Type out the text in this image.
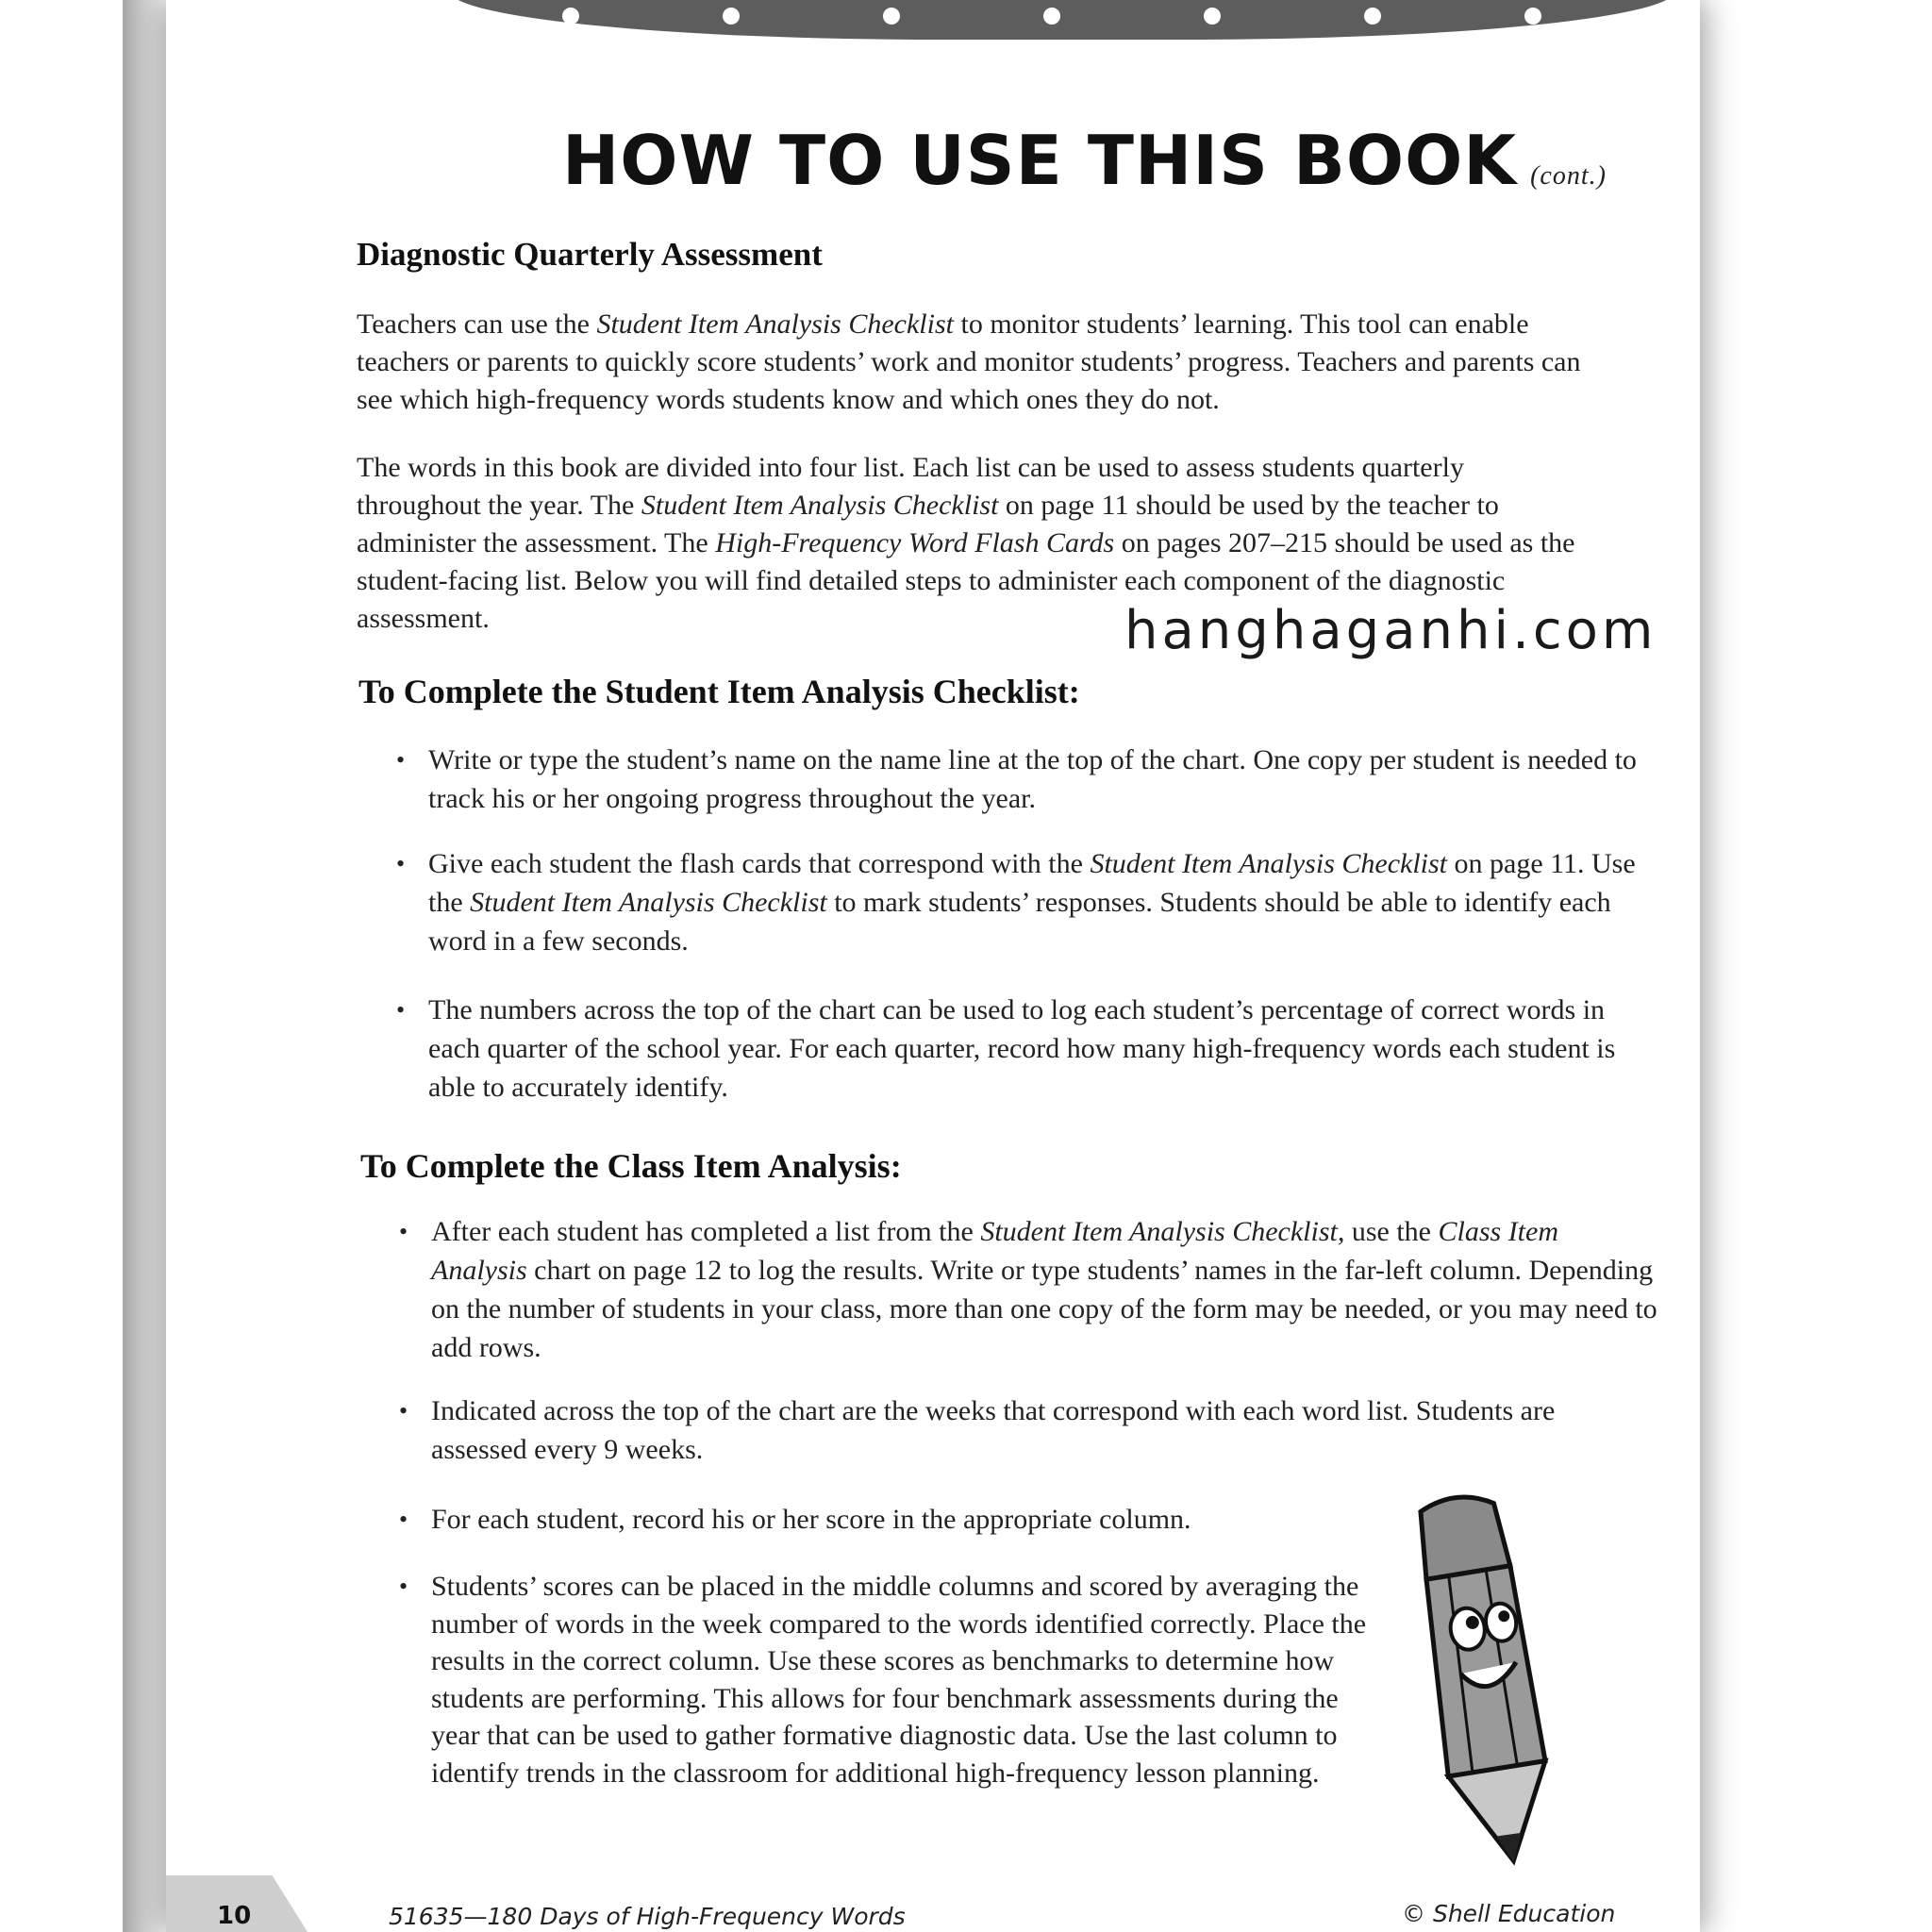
HOW TO USE THIS BOOK (cont.)
Diagnostic Quarterly Assessment

Teachers can use the Student Item Analysis Checklist to monitor students’ learning. This tool can enable teachers or parents to quickly score students’ work and monitor students’ progress. Teachers and parents can see which high-frequency words students know and which ones they do not.

The words in this book are divided into four list. Each list can be used to assess students quarterly throughout the year. The Student Item Analysis Checklist on page 11 should be used by the teacher to administer the assessment. The High-Frequency Word Flash Cards on pages 207–215 should be used as the student-facing list. Below you will find detailed steps to administer each component of the diagnostic assessment.

To Complete the Student Item Analysis Checklist:
• Write or type the student’s name on the name line at the top of the chart. One copy per student is needed to track his or her ongoing progress throughout the year.
• Give each student the flash cards that correspond with the Student Item Analysis Checklist on page 11. Use the Student Item Analysis Checklist to mark students’ responses. Students should be able to identify each word in a few seconds.
• The numbers across the top of the chart can be used to log each student’s percentage of correct words in each quarter of the school year. For each quarter, record how many high-frequency words each student is able to accurately identify.
To Complete the Class Item Analysis:
• After each student has completed a list from the Student Item Analysis Checklist, use the Class Item Analysis chart on page 12 to log the results. Write or type students’ names in the far-left column. Depending on the number of students in your class, more than one copy of the form may be needed, or you may need to add rows.
• Indicated across the top of the chart are the weeks that correspond with each word list. Students are assessed every 9 weeks.
• For each student, record his or her score in the appropriate column.
• Students’ scores can be placed in the middle columns and scored by averaging the number of words in the week compared to the words identified correctly. Place the results in the correct column. Use these scores as benchmarks to determine how students are performing. This allows for four benchmark assessments during the year that can be used to gather formative diagnostic data. Use the last column to identify trends in the classroom for additional high-frequency lesson planning.
hanghaganhi.com
10	51635—180 Days of High-Frequency Words	© Shell Education
